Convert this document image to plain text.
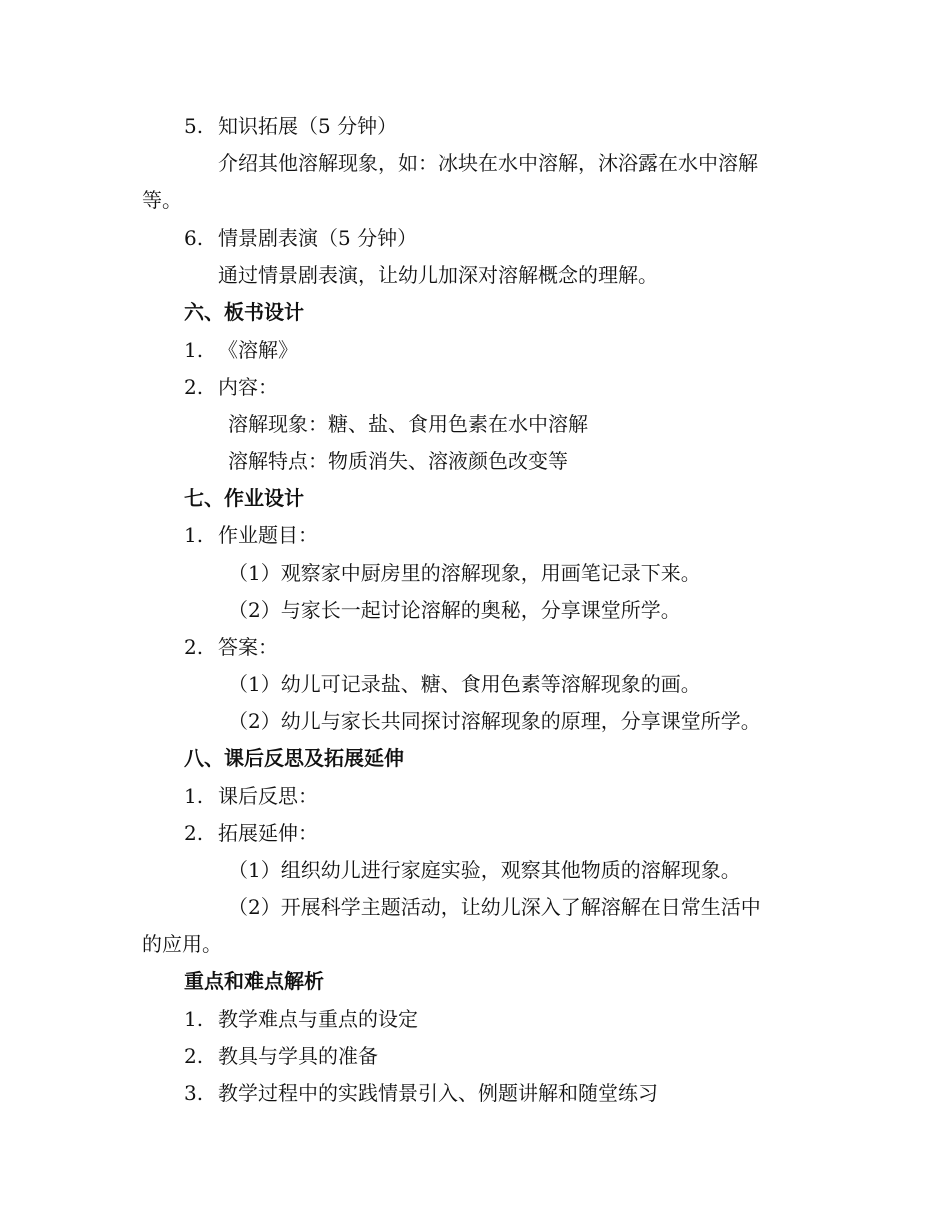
5. 知识拓展（5 分钟）
介绍其他溶解现象，如：冰块在水中溶解，沐浴露在水中溶解
等。
6. 情景剧表演（5 分钟）
通过情景剧表演，让幼儿加深对溶解概念的理解。
六、板书设计
1. 《溶解》
2. 内容：
溶解现象：糖、盐、食用色素在水中溶解
溶解特点：物质消失、溶液颜色改变等
七、作业设计
1. 作业题目：
（1）观察家中厨房里的溶解现象，用画笔记录下来。
（2）与家长一起讨论溶解的奥秘，分享课堂所学。
2. 答案：
（1）幼儿可记录盐、糖、食用色素等溶解现象的画。
（2）幼儿与家长共同探讨溶解现象的原理，分享课堂所学。
八、课后反思及拓展延伸
1. 课后反思：
2. 拓展延伸：
（1）组织幼儿进行家庭实验，观察其他物质的溶解现象。
（2）开展科学主题活动，让幼儿深入了解溶解在日常生活中
的应用。
重点和难点解析
1. 教学难点与重点的设定
2. 教具与学具的准备
3. 教学过程中的实践情景引入、例题讲解和随堂练习
